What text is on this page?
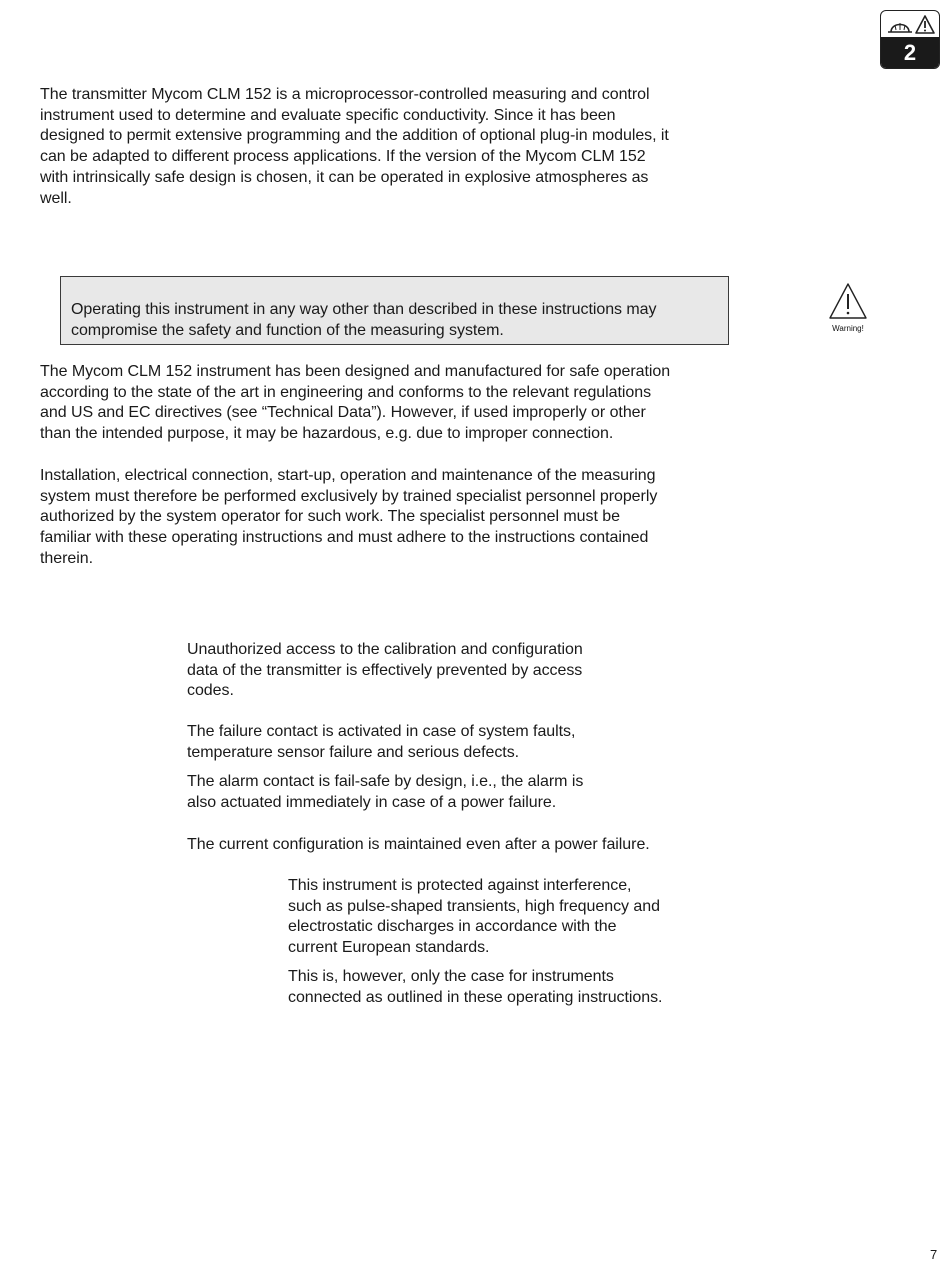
2

The transmitter Mycom CLM 152 is a microprocessor-controlled measuring and control
instrument used to determine and evaluate specific conductivity. Since it has been
designed to permit extensive programming and the addition of optional plug-in modules, it
can be adapted to different process applications. If the version of the Mycom CLM 152
with intrinsically safe design is chosen, it can be operated in explosive atmospheres as
well.

Operating this instrument in any way other than described in these instructions may
compromise the safety and function of the measuring system.	Warning!

The Mycom CLM 152 instrument has been designed and manufactured for safe operation
according to the state of the art in engineering and conforms to the relevant regulations
and US and EC directives (see “Technical Data”). However, if used improperly or other
than the intended purpose, it may be hazardous, e.g. due to improper connection.

Installation, electrical connection, start-up, operation and maintenance of the measuring
system must therefore be performed exclusively by trained specialist personnel properly
authorized by the system operator for such work. The specialist personnel must be
familiar with these operating instructions and must adhere to the instructions contained
therein.

Unauthorized access to the calibration and configuration
data of the transmitter is effectively prevented by access
codes.

The failure contact is activated in case of system faults,
temperature sensor failure and serious defects.

The alarm contact is fail-safe by design, i.e., the alarm is
also actuated immediately in case of a power failure.

The current configuration is maintained even after a power failure.

This instrument is protected against interference,
such as pulse-shaped transients, high frequency and
electrostatic discharges in accordance with the
current European standards.

This is, however, only the case for instruments
connected as outlined in these operating instructions.

7
